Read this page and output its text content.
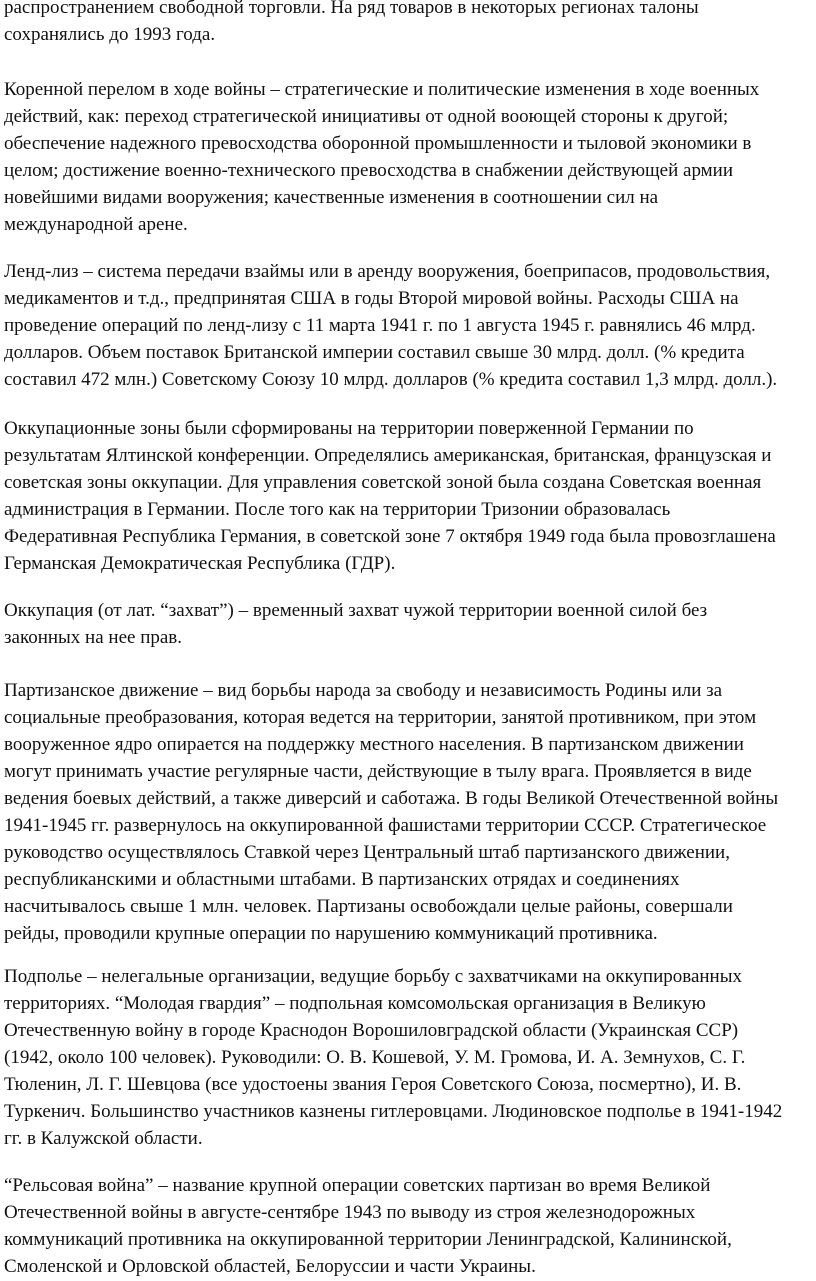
распространением свободной торговли. На ряд товаров в некоторых регионах талоны
сохранялись до 1993 года.

Коренной перелом в ходе войны – стратегические и политические изменения в ходе военных
действий, как: переход стратегической инициативы от одной вооющей стороны к другой;
обеспечение надежного превосходства оборонной промышленности и тыловой экономики в
целом; достижение военно-технического превосходства в снабжении действующей армии
новейшими видами вооружения; качественные изменения в соотношении сил на
международной арене.

Ленд-лиз – система передачи взаймы или в аренду вооружения, боеприпасов, продовольствия,
медикаментов и т.д., предпринятая США в годы Второй мировой войны. Расходы США на
проведение операций по ленд-лизу с 11 марта 1941 г. по 1 августа 1945 г. равнялись 46 млрд.
долларов. Объем поставок Британской империи составил свыше 30 млрд. долл. (% кредита
составил 472 млн.) Советскому Союзу 10 млрд. долларов (% кредита составил 1,3 млрд. долл.).

Оккупационные зоны были сформированы на территории поверженной Германии по
результатам Ялтинской конференции. Определялись американская, британская, французская и
советская зоны оккупации. Для управления советской зоной была создана Советская военная
администрация в Германии. После того как на территории Тризонии образовалась
Федеративная Республика Германия, в советской зоне 7 октября 1949 года была провозглашена
Германская Демократическая Республика (ГДР).

Оккупация (от лат. “захват”) – временный захват чужой территории военной силой без
законных на нее прав.

Партизанское движение – вид борьбы народа за свободу и независимость Родины или за
социальные преобразования, которая ведется на территории, занятой противником, при этом
вооруженное ядро опирается на поддержку местного населения. В партизанском движении
могут принимать участие регулярные части, действующие в тылу врага. Проявляется в виде
ведения боевых действий, а также диверсий и саботажа. В годы Великой Отечественной войны
1941-1945 гг. развернулось на оккупированной фашистами территории СССР. Стратегическое
руководство осуществлялось Ставкой через Центральный штаб партизанского движении,
республиканскими и областными штабами. В партизанских отрядах и соединениях
насчитывалось свыше 1 млн. человек. Партизаны освобождали целые районы, совершали
рейды, проводили крупные операции по нарушению коммуникаций противника.

Подполье – нелегальные организации, ведущие борьбу с захватчиками на оккупированных
территориях. “Молодая гвардия” – подпольная комсомольская организация в Великую
Отечественную войну в городе Краснодон Ворошиловградской области (Украинская ССР)
(1942, около 100 человек). Руководили: О. В. Кошевой, У. М. Громова, И. А. Земнухов, С. Г.
Тюленин, Л. Г. Шевцова (все удостоены звания Героя Советского Союза, посмертно), И. В.
Туркенич. Большинство участников казнены гитлеровцами. Людиновское подполье в 1941-1942
гг. в Калужской области.

“Рельсовая война” – название крупной операции советских партизан во время Великой
Отечественной войны в августе-сентябре 1943 по выводу из строя железнодорожных
коммуникаций противника на оккупированной территории Ленинградской, Калининской,
Смоленской и Орловской областей, Белоруссии и части Украины.
